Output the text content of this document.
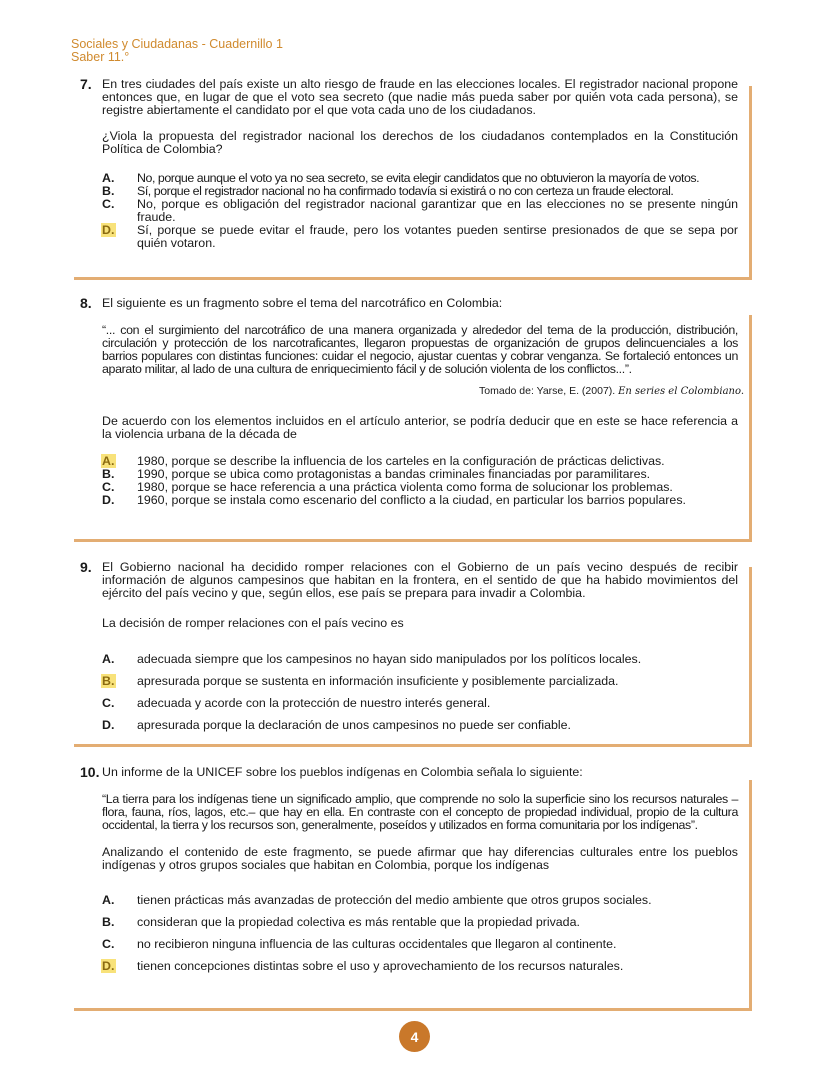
Sociales y Ciudadanas - Cuadernillo 1
Saber 11.°
7. En tres ciudades del país existe un alto riesgo de fraude en las elecciones locales. El registrador nacional propone entonces que, en lugar de que el voto sea secreto (que nadie más pueda saber por quién vota cada persona), se registre abiertamente el candidato por el que vota cada uno de los ciudadanos.
¿Viola la propuesta del registrador nacional los derechos de los ciudadanos contemplados en la Constitución Política de Colombia?
A.	No, porque aunque el voto ya no sea secreto, se evita elegir candidatos que no obtuvieron la mayoría de votos.
B.	Sí, porque el registrador nacional no ha confirmado todavía si existirá o no con certeza un fraude electoral.
C.	No, porque es obligación del registrador nacional garantizar que en las elecciones no se presente ningún fraude.
D.	Sí, porque se puede evitar el fraude, pero los votantes pueden sentirse presionados de que se sepa por quién votaron.
8. El siguiente es un fragmento sobre el tema del narcotráfico en Colombia:
“... con el surgimiento del narcotráfico de una manera organizada y alrededor del tema de la producción, distribución, circulación y protección de los narcotraficantes, llegaron propuestas de organización de grupos delincuenciales a los barrios populares con distintas funciones: cuidar el negocio, ajustar cuentas y cobrar venganza. Se fortaleció entonces un aparato militar, al lado de una cultura de enriquecimiento fácil y de solución violenta de los conflictos...”.
Tomado de: Yarse, E. (2007). En series el Colombiano.
De acuerdo con los elementos incluidos en el artículo anterior, se podría deducir que en este se hace referencia a la violencia urbana de la década de
A.	1980, porque se describe la influencia de los carteles en la configuración de prácticas delictivas.
B.	1990, porque se ubica como protagonistas a bandas criminales financiadas por paramilitares.
C.	1980, porque se hace referencia a una práctica violenta como forma de solucionar los problemas.
D.	1960, porque se instala como escenario del conflicto a la ciudad, en particular los barrios populares.
9. El Gobierno nacional ha decidido romper relaciones con el Gobierno de un país vecino después de recibir información de algunos campesinos que habitan en la frontera, en el sentido de que ha habido movimientos del ejército del país vecino y que, según ellos, ese país se prepara para invadir a Colombia.
La decisión de romper relaciones con el país vecino es
A.	adecuada siempre que los campesinos no hayan sido manipulados por los políticos locales.
B.	apresurada porque se sustenta en información insuficiente y posiblemente parcializada.
C.	adecuada y acorde con la protección de nuestro interés general.
D.	apresurada porque la declaración de unos campesinos no puede ser confiable.
10. Un informe de la UNICEF sobre los pueblos indígenas en Colombia señala lo siguiente:
“La tierra para los indígenas tiene un significado amplio, que comprende no solo la superficie sino los recursos naturales –flora, fauna, ríos, lagos, etc.– que hay en ella. En contraste con el concepto de propiedad individual, propio de la cultura occidental, la tierra y los recursos son, generalmente, poseídos y utilizados en forma comunitaria por los indígenas”.
Analizando el contenido de este fragmento, se puede afirmar que hay diferencias culturales entre los pueblos indígenas y otros grupos sociales que habitan en Colombia, porque los indígenas
A.	tienen prácticas más avanzadas de protección del medio ambiente que otros grupos sociales.
B.	consideran que la propiedad colectiva es más rentable que la propiedad privada.
C.	no recibieron ninguna influencia de las culturas occidentales que llegaron al continente.
D.	tienen concepciones distintas sobre el uso y aprovechamiento de los recursos naturales.
4
